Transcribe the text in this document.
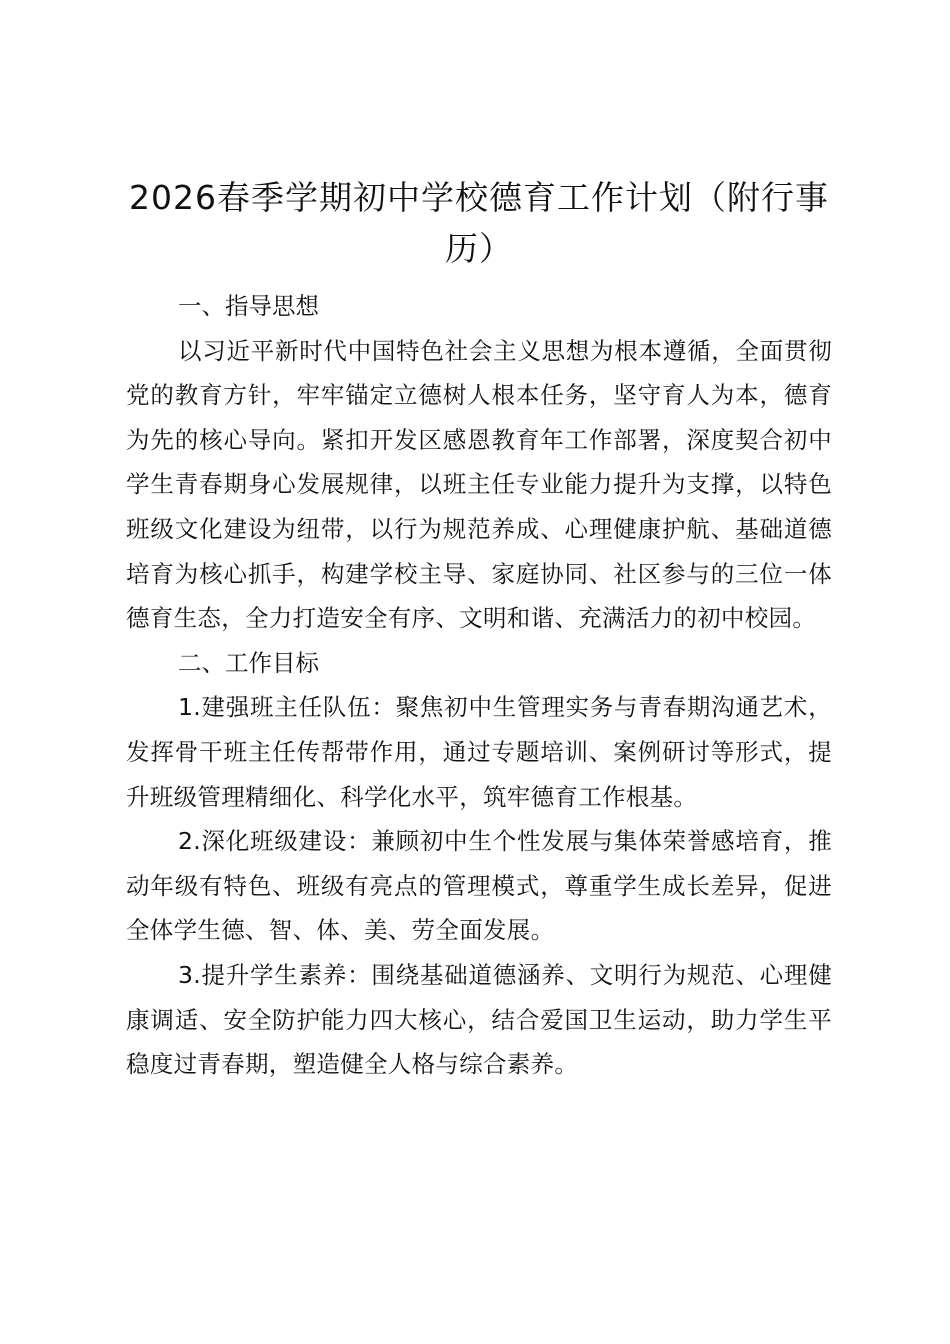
2026春季学期初中学校德育工作计划（附行事历）
一、指导思想

以习近平新时代中国特色社会主义思想为根本遵循，全面贯彻党的教育方针，牢牢锚定立德树人根本任务，坚守育人为本，德育为先的核心导向。紧扣开发区感恩教育年工作部署，深度契合初中学生青春期身心发展规律，以班主任专业能力提升为支撑，以特色班级文化建设为纽带，以行为规范养成、心理健康护航、基础道德培育为核心抓手，构建学校主导、家庭协同、社区参与的三位一体德育生态，全力打造安全有序、文明和谐、充满活力的初中校园。

二、工作目标

1.建强班主任队伍：聚焦初中生管理实务与青春期沟通艺术，发挥骨干班主任传帮带作用，通过专题培训、案例研讨等形式，提升班级管理精细化、科学化水平，筑牢德育工作根基。

2.深化班级建设：兼顾初中生个性发展与集体荣誉感培育，推动年级有特色、班级有亮点的管理模式，尊重学生成长差异，促进全体学生德、智、体、美、劳全面发展。

3.提升学生素养：围绕基础道德涵养、文明行为规范、心理健康调适、安全防护能力四大核心，结合爱国卫生运动，助力学生平稳度过青春期，塑造健全人格与综合素养。
